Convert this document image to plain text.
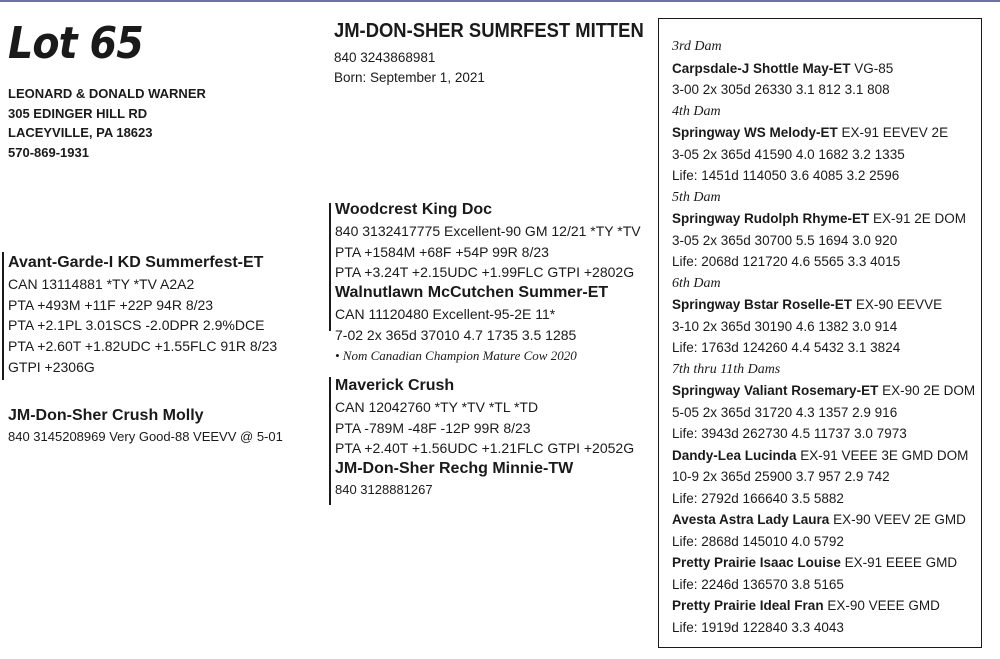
Lot 65
LEONARD & DONALD WARNER
305 EDINGER HILL RD
LACEYVILLE, PA 18623
570-869-1931
JM-DON-SHER SUMRFEST MITTEN
840 3243868981
Born: September 1, 2021
Avant-Garde-I KD Summerfest-ET
CAN 13114881 *TY *TV A2A2
PTA +493M +11F +22P 94R 8/23
PTA +2.1PL 3.01SCS -2.0DPR 2.9%DCE
PTA +2.60T +1.82UDC +1.55FLC 91R 8/23
GTPI +2306G
JM-Don-Sher Crush Molly
840 3145208969 Very Good-88 VEEVV @ 5-01
Woodcrest King Doc
840 3132417775 Excellent-90 GM 12/21 *TY *TV
PTA +1584M +68F +54P 99R 8/23
PTA +3.24T +2.15UDC +1.99FLC GTPI +2802G
Walnutlawn McCutchen Summer-ET
CAN 11120480 Excellent-95-2E 11*
7-02 2x 365d 37010 4.7 1735 3.5 1285
• Nom Canadian Champion Mature Cow 2020
Maverick Crush
CAN 12042760 *TY *TV *TL *TD
PTA -789M -48F -12P 99R 8/23
PTA +2.40T +1.56UDC +1.21FLC GTPI +2052G
JM-Don-Sher Rechg Minnie-TW
840 3128881267
3rd Dam
Carpsdale-J Shottle May-ET VG-85
3-00 2x 305d 26330 3.1 812 3.1 808
4th Dam
Springway WS Melody-ET EX-91 EEVEV 2E
3-05 2x 365d 41590 4.0 1682 3.2 1335
Life: 1451d 114050 3.6 4085 3.2 2596
5th Dam
Springway Rudolph Rhyme-ET EX-91 2E DOM
3-05 2x 365d 30700 5.5 1694 3.0 920
Life: 2068d 121720 4.6 5565 3.3 4015
6th Dam
Springway Bstar Roselle-ET EX-90 EEVVE
3-10 2x 365d 30190 4.6 1382 3.0 914
Life: 1763d 124260 4.4 5432 3.1 3824
7th thru 11th Dams
Springway Valiant Rosemary-ET EX-90 2E DOM
5-05 2x 365d 31720 4.3 1357 2.9 916
Life: 3943d 262730 4.5 11737 3.0 7973
Dandy-Lea Lucinda EX-91 VEEE 3E GMD DOM
10-9 2x 365d 25900 3.7 957 2.9 742
Life: 2792d 166640 3.5 5882
Avesta Astra Lady Laura EX-90 VEEV 2E GMD
Life: 2868d 145010 4.0 5792
Pretty Prairie Isaac Louise EX-91 EEEE GMD
Life: 2246d 136570 3.8 5165
Pretty Prairie Ideal Fran EX-90 VEEE GMD
Life: 1919d 122840 3.3 4043
